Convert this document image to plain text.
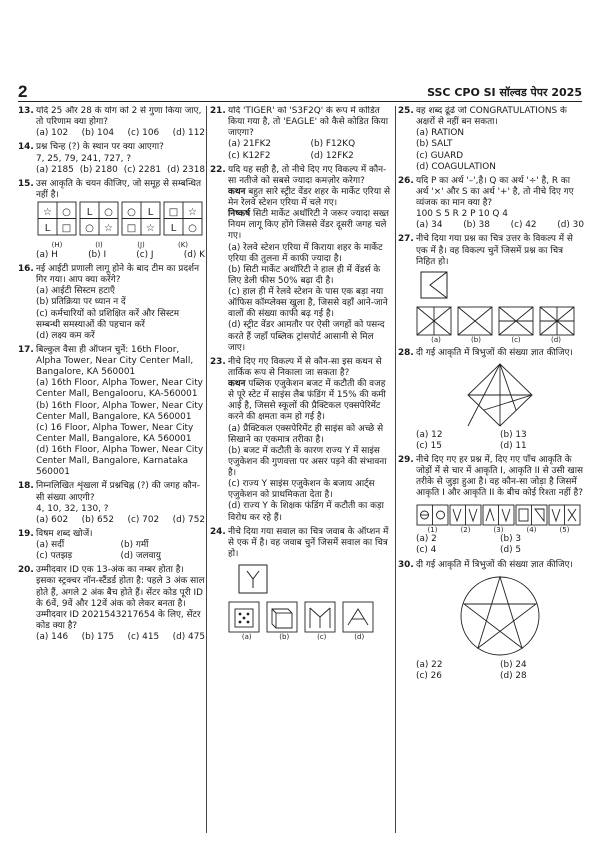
2	SSC CPO SI सॉल्वड पेपर 2025
13. यदि 25 और 28 के योग को 2 से गुणा किया जाए, तो परिणाम क्या होगा?
(a) 102 (b) 104 (c) 106 (d) 112
14. प्रश्न चिन्ह (?) के स्थान पर क्या आएगा?
7, 25, 79, 241, 727, ?
(a) 2185 (b) 2180 (c) 2281 (d) 2318
15. उस आकृति के चयन कीजिए, जो समूह से सम्बन्धित नहीं है।
☆ ○
L □
L ○
○ ☆
○ L
□ ☆
□ ☆
L ○
(H)	(I)	(J)	(K)
(a) H	(b) I	(c) J	(d) K
16. नई आईटी प्रणाली लागू होने के बाद टीम का प्रदर्शन गिर गया। आप क्या करेंगे?
(a) आईटी सिस्टम हटाएँ
(b) प्रतिक्रिया पर ध्यान न दें
(c) कर्मचारियों को प्रशिक्षित करें और सिस्टम सम्बन्धी समस्याओं की पहचान करें
(d) लक्ष्य कम करें
17. बिल्कुल वैसा ही ऑप्शन चुनें: 16th Floor, Alpha Tower, Near City Center Mall, Bangalore, KA 560001
(a) 16th Floor, Alpha Tower, Near City Center Mall, Bengalooru, KA-560001
(b) 16th Floor, Alpha Tower, Near City Center Mall, Bangalore, KA 560001
(c) 16 Floor, Alpha Tower, Near City Center Mall, Bangalore, KA 560001
(d) 16th Floor, Alpha Tower, Near City Center Mall, Bangalore, Karnataka 560001
18. निम्नलिखित शृंखला में प्रश्नचिह्न (?) की जगह कौन-सी संख्या आएगी?
4, 10, 32, 130, ?
(a) 602 (b) 652 (c) 702 (d) 752
19. विषम शब्द खोजें।
(a) सर्दी	(b) गर्मी
(c) पतझड़	(d) जलवायु
20. उम्मीदवार ID एक 13-अंक का नम्बर होता है। इसका स्ट्रक्चर नॉन-स्टैंडर्ड होता है: पहले 3 अंक साल होते हैं, अगले 2 अंक बैच होते हैं। सेंटर कोड पूरी ID के 6वें, 9वें और 12वें अंक को लेकर बनता है। उम्मीदवार ID 2021543217654 के लिए, सेंटर कोड क्या है?
(a) 146 (b) 175 (c) 415 (d) 475
21. यदि 'TIGER' को 'S3F2Q' के रूप में कोडित किया गया है, तो 'EAGLE' को कैसे कोडित किया जाएगा?
(a) 21FK2	(b) F12KQ
(c) K12F2	(d) 12FK2
22. यदि यह सही है, तो नीचे दिए गए विकल्प में कौन-सा नतीजे को सबसे ज्यादा कमज़ोर करेगा?
कथन बहुत सारे स्ट्रीट वेंडर शहर के मार्केट एरिया से मेन रेलवे स्टेशन एरिया में चले गए।
निष्कर्ष सिटी मार्केट अथॉरिटी ने जरूर ज्यादा सख्त नियम लागू किए होंगे जिससे वेंडर दूसरी जगह चले गए।
(a) रेलवे स्टेशन एरिया में किराया शहर के मार्केट एरिया की तुलना में काफी ज्यादा है।
(b) सिटी मार्केट अथॉरिटी ने हाल ही में वेंडर्स के लिए डेली फीस 50% बढ़ा दी है।
(c) हाल ही में रेलवे स्टेशन के पास एक बड़ा नया ऑफिस कॉम्प्लेक्स खुला है, जिससे वहाँ आने-जाने वालों की संख्या काफी बढ़ गई है।
(d) स्ट्रीट वेंडर आमतौर पर ऐसी जगहों को पसन्द करते हैं जहाँ पब्लिक ट्रांसपोर्ट आसानी से मिल जाए।
23. नीचे दिए गए विकल्प में से कौन-सा इस कथन से तार्किक रूप से निकाला जा सकता है?
कथन पब्लिक एजुकेशन बजट में कटौती की वजह से पूरे स्टेट में साइंस लैब फंडिंग में 15% की कमी आई है, जिससे स्कूलों की प्रैक्टिकल एक्सपेरिमेंट करने की क्षमता कम हो गई है।
(a) प्रैक्टिकल एक्सपेरिमेंट ही साइंस को अच्छे से सिखाने का एकमात्र तरीका है।
(b) बजट में कटौती के कारण राज्य Y में साइंस एजुकेशन की गुणवत्ता पर असर पड़ने की संभावना है।
(c) राज्य Y साइंस एजुकेशन के बजाय आर्ट्स एजुकेशन को प्राथमिकता देता है।
(d) राज्य Y के शिक्षक फंडिंग में कटौती का कड़ा विरोध कर रहे हैं।
24. नीचे दिया गया सवाल का चित्र जवाब के ऑप्शन में से एक में है। वह जवाब चुनें जिसमें सवाल का चित्र हो।
(a)	(b)	(c)	(d)
25. वह शब्द ढूंढें जो CONGRATULATIONS के अक्षरों से नहीं बन सकता।
(a) RATION
(b) SALT
(c) GUARD
(d) COAGULATION
26. यदि P का अर्थ '–',है। Q का अर्थ '÷' है, R का अर्थ '×' और S का अर्थ '+' है, तो नीचे दिए गए व्यंजक का मान क्या है?
100 S 5 R 2 P 10 Q 4
(a) 34 (b) 38 (c) 42 (d) 30
27. नीचे दिया गया प्रश्न का चित्र उत्तर के विकल्प में से एक में है। वह विकल्प चुनें जिसमें प्रश्न का चित्र निहित हो।
(a)	(b)	(c)	(d)
28. दी गई आकृति में त्रिभुजों की संख्या ज्ञात कीजिए।
(a) 12	(b) 13
(c) 15	(d) 11
29. नीचे दिए गए हर प्रश्न में, दिए गए पाँच आकृति के जोड़ों में से चार में आकृति I, आकृति II से उसी खास तरीके से जुड़ा हुआ है। वह कौन-सा जोड़ा है जिसमें आकृति I और आकृति II के बीच कोई रिश्ता नहीं है?
(1)	(2)	(3)	(4)	(5)
(a) 2	(b) 3
(c) 4	(d) 5
30. दी गई आकृति में त्रिभुजों की संख्या ज्ञात कीजिए।
(a) 22	(b) 24
(c) 26	(d) 28
